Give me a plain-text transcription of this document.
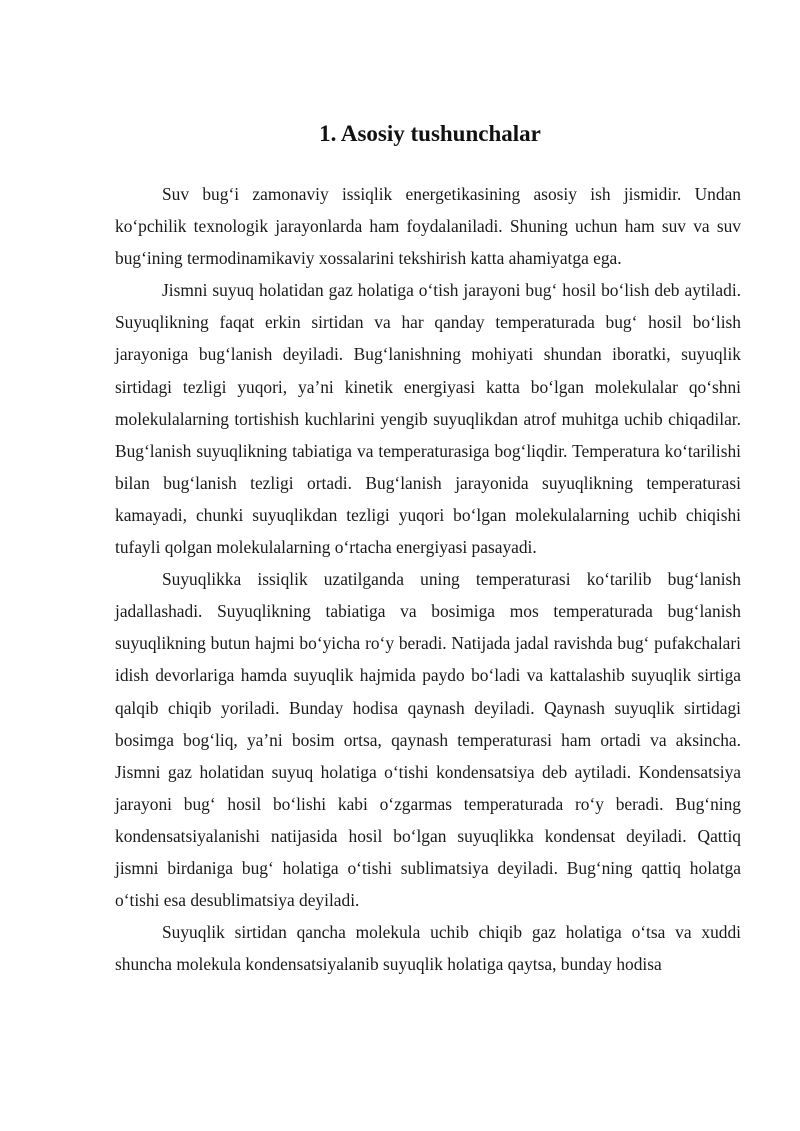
1. Asosiy tushunchalar

Suv bug‘i zamonaviy issiqlik energetikasining asosiy ish jismidir. Undan ko‘pchilik texnologik jarayonlarda ham foydalaniladi. Shuning uchun ham suv va suv bug‘ining termodinamikaviy xossalarini tekshirish katta ahamiyatga ega.

Jismni suyuq holatidan gaz holatiga o‘tish jarayoni bug‘ hosil bo‘lish deb aytiladi. Suyuqlikning faqat erkin sirtidan va har qanday temperaturada bug‘ hosil bo‘lish jarayoniga bug‘lanish deyiladi. Bug‘lanishning mohiyati shundan iboratki, suyuqlik sirtidagi tezligi yuqori, ya’ni kinetik energiyasi katta bo‘lgan molekulalar qo‘shni molekulalarning tortishish kuchlarini yengib suyuqlikdan atrof muhitga uchib chiqadilar. Bug‘lanish suyuqlikning tabiatiga va temperaturasiga bog‘liqdir. Temperatura ko‘tarilishi bilan bug‘lanish tezligi ortadi. Bug‘lanish jarayonida suyuqlikning temperaturasi kamayadi, chunki suyuqlikdan tezligi yuqori bo‘lgan molekulalarning uchib chiqishi tufayli qolgan molekulalarning o‘rtacha energiyasi pasayadi.

Suyuqlikka issiqlik uzatilganda uning temperaturasi ko‘tarilib bug‘lanish jadallashadi. Suyuqlikning tabiatiga va bosimiga mos temperaturada bug‘lanish suyuqlikning butun hajmi bo‘yicha ro‘y beradi. Natijada jadal ravishda bug‘ pufakchalari idish devorlariga hamda suyuqlik hajmida paydo bo‘ladi va kattalashib suyuqlik sirtiga qalqib chiqib yoriladi. Bunday hodisa qaynash deyiladi. Qaynash suyuqlik sirtidagi bosimga bog‘liq, ya’ni bosim ortsa, qaynash temperaturasi ham ortadi va aksincha. Jismni gaz holatidan suyuq holatiga o‘tishi kondensatsiya deb aytiladi. Kondensatsiya jarayoni bug‘ hosil bo‘lishi kabi o‘zgarmas temperaturada ro‘y beradi. Bug‘ning kondensatsiyalanishi natijasida hosil bo‘lgan suyuqlikka kondensat deyiladi. Qattiq jismni birdaniga bug‘ holatiga o‘tishi sublimatsiya deyiladi. Bug‘ning qattiq holatga o‘tishi esa desublimatsiya deyiladi.

Suyuqlik sirtidan qancha molekula uchib chiqib gaz holatiga o‘tsa va xuddi shuncha molekula kondensatsiyalanib suyuqlik holatiga qaytsa, bunday hodisa
